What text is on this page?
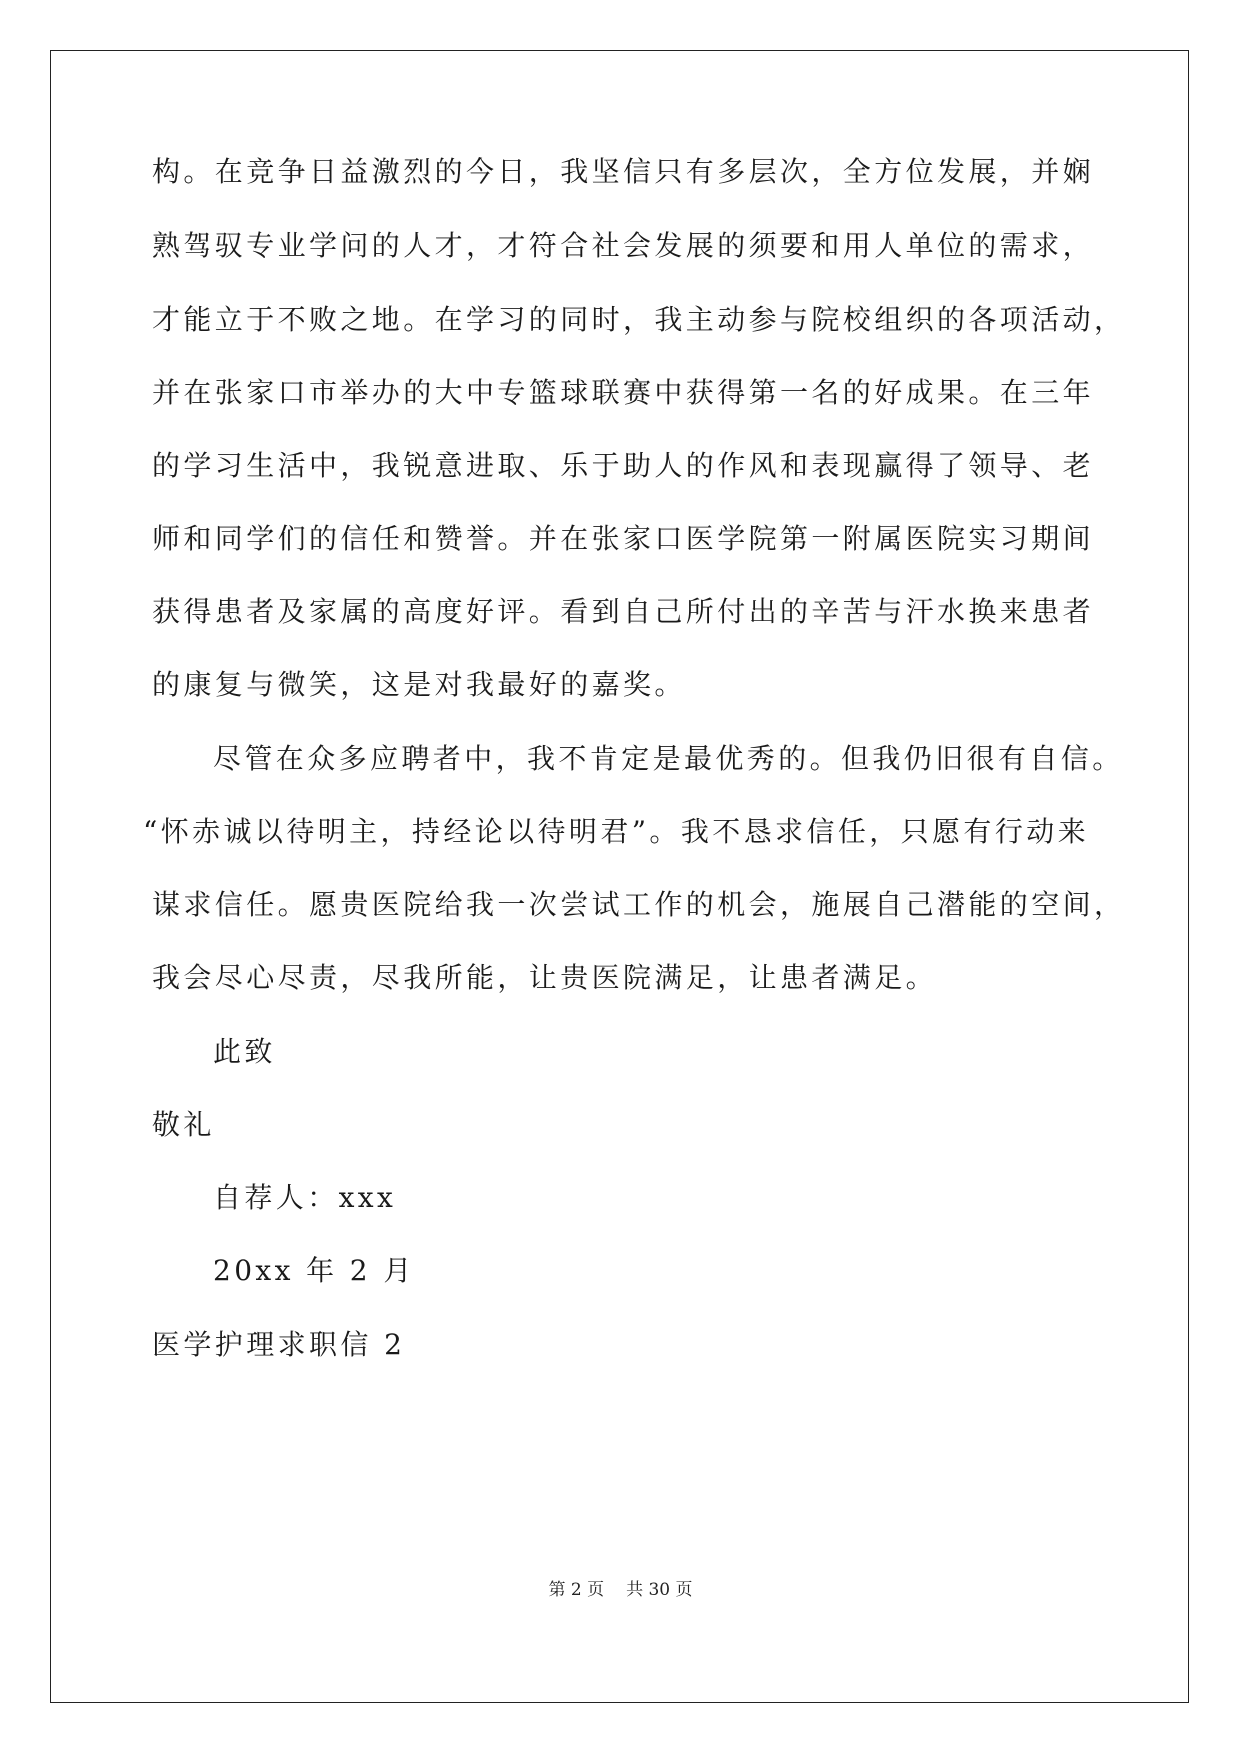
构。在竞争日益激烈的今日，我坚信只有多层次，全方位发展，并娴
熟驾驭专业学问的人才，才符合社会发展的须要和用人单位的需求，
才能立于不败之地。在学习的同时，我主动参与院校组织的各项活动，
并在张家口市举办的大中专篮球联赛中获得第一名的好成果。在三年
的学习生活中，我锐意进取、乐于助人的作风和表现赢得了领导、老
师和同学们的信任和赞誉。并在张家口医学院第一附属医院实习期间
获得患者及家属的高度好评。看到自己所付出的辛苦与汗水换来患者
的康复与微笑，这是对我最好的嘉奖。
尽管在众多应聘者中，我不肯定是最优秀的。但我仍旧很有自信。
“怀赤诚以待明主，持经论以待明君”。我不恳求信任，只愿有行动来
谋求信任。愿贵医院给我一次尝试工作的机会，施展自己潜能的空间，
我会尽心尽责，尽我所能，让贵医院满足，让患者满足。
此致
敬礼
自荐人：xxx
20xx 年 2 月
医学护理求职信 2
第 2 页 共 30 页
